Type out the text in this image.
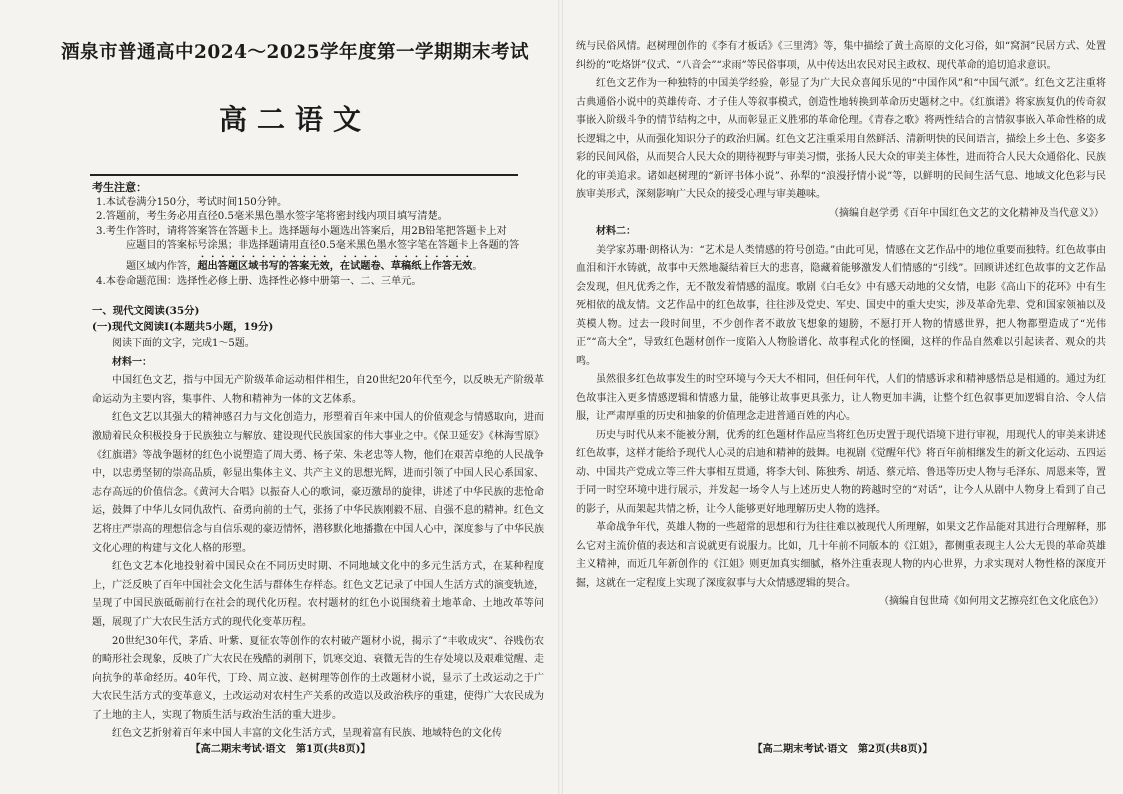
酒泉市普通高中2024～2025学年度第一学期期末考试
高二语文
考生注意：
1.本试卷满分150分，考试时间150分钟。
2.答题前，考生务必用直径0.5毫米黑色墨水签字笔将密封线内项目填写清楚。
3.考生作答时，请将答案答在答题卡上。选择题每小题选出答案后，用2B铅笔把答题卡上对
应题目的答案标号涂黑；非选择题请用直径0.5毫米黑色墨水签字笔在答题卡上各题的答
题区域内作答，超出答题区域书写的答案无效，在试题卷、草稿纸上作答无效。
4.本卷命题范围：选择性必修上册、选择性必修中册第一、二、三单元。
一、现代文阅读(35分)
(一)现代文阅读Ⅰ(本题共5小题，19分)

阅读下面的文字，完成1～5题。

材料一：

中国红色文艺，指与中国无产阶级革命运动相伴相生，自20世纪20年代至今，以反映无产阶级革命运动为主要内容，集事件、人物和精神为一体的文艺体系。

红色文艺以其强大的精神感召力与文化创造力，形塑着百年来中国人的价值观念与情感取向，进而激励着民众积极投身于民族独立与解放、建设现代民族国家的伟大事业之中。《保卫延安》《林海雪原》《红旗谱》等战争题材的红色小说塑造了周大勇、杨子荣、朱老忠等人物，他们在艰苦卓绝的人民战争中，以忠勇坚韧的崇高品质，彰显出集体主义、共产主义的思想光辉，进而引领了中国人民心系国家、志存高远的价值信念。《黄河大合唱》以振奋人心的歌词，豪迈激昂的旋律，讲述了中华民族的悲怆命运，鼓舞了中华儿女同仇敌忾、奋勇向前的士气，张扬了中华民族刚毅不屈、自强不息的精神。红色文艺将庄严崇高的理想信念与自信乐观的豪迈情怀，潜移默化地播撒在中国人心中，深度参与了中华民族文化心理的构建与文化人格的形塑。

红色文艺本化地投射着中国民众在不同历史时期、不同地域文化中的多元生活方式，在某种程度上，广泛反映了百年中国社会文化生活与群体生存样态。红色文艺记录了中国人生活方式的演变轨迹，呈现了中国民族砥砺前行在社会的现代化历程。农村题材的红色小说围绕着土地革命、土地改革等问题，展现了广大农民生活方式的现代化变革历程。

20世纪30年代，茅盾、叶紫、夏征农等创作的农村破产题材小说，揭示了“丰收成灾”、谷贱伤农的畸形社会现象，反映了广大农民在残酷的剥削下，饥寒交迫、衰微无告的生存处境以及艰难觉醒、走向抗争的革命经历。40年代，丁玲、周立波、赵树理等创作的土改题材小说，显示了土改运动之于广大农民生活方式的变革意义，土改运动对农村生产关系的改造以及政治秩序的重建，使得广大农民成为了土地的主人，实现了物质生活与政治生活的重大进步。

红色文艺折射着百年来中国人丰富的文化生活方式，呈现着富有民族、地域特色的文化传

【高二期末考试·语文　第1页(共8页)】

统与民俗风情。赵树理创作的《李有才板话》《三里湾》等，集中描绘了黄土高原的文化习俗，如“窝洞”民居方式、处置纠纷的“吃烙饼”仪式、“八音会”“求雨”等民俗事项，从中传达出农民对民主政权、现代革命的追切追求意识。

红色文艺作为一种独特的中国美学经验，彰显了为广大民众喜闻乐见的“中国作风”和“中国气派”。红色文艺注重将古典通俗小说中的英雄传奇、才子佳人等叙事模式，创造性地转换到革命历史题材之中。《红旗谱》将家族复仇的传奇叙事嵌入阶级斗争的情节结构之中，从而彰显正义胜邪的革命伦理。《青春之歌》将两性结合的言情叙事嵌入革命性格的成长逻辑之中，从而强化知识分子的政治归属。红色文艺注重采用自然鲜活、清新明快的民间语言，描绘上乡土色、多姿多彩的民间风俗，从而契合人民大众的期待视野与审美习惯，张扬人民大众的审美主体性，进而符合人民大众通俗化、民族化的审美追求。诸如赵树理的“新评书体小说”、孙犁的“浪漫抒情小说”等，以鲜明的民间生活气息、地域文化色彩与民族审美形式，深刻影响广大民众的接受心理与审美趣味。

（摘编自赵学勇《百年中国红色文艺的文化精神及当代意义》）

材料二：

美学家苏珊·朗格认为：“艺术是人类情感的符号创造。”由此可见，情感在文艺作品中的地位重要而独特。红色故事由血泪和汗水铸就，故事中天然地凝结着巨大的悲喜，隐藏着能够激发人们情感的“引线”。回顾讲述红色故事的文艺作品会发现，但凡优秀之作，无不散发着情感的温度。歌剧《白毛女》中有感天动地的父女情，电影《高山下的花环》中有生死相依的战友情。文艺作品中的红色故事，往往涉及党史、军史、国史中的重大史实，涉及革命先辈、党和国家领袖以及英模人物。过去一段时间里，不少创作者不敢放飞想象的翅膀，不愿打开人物的情感世界，把人物都塑造成了“光伟正”“高大全”，导致红色题材创作一度陷入人物脸谱化、故事程式化的怪圈，这样的作品自然难以引起读者、观众的共鸣。

虽然很多红色故事发生的时空环境与今天大不相同，但任何年代，人们的情感诉求和精神感悟总是相通的。通过为红色故事注入更多情感逻辑和情感力量，能够让故事更具张力，让人物更加丰满，让整个红色叙事更加逻辑自洽、令人信服，让严肃厚重的历史和抽象的价值理念走进普通百姓的内心。

历史与时代从来不能被分割，优秀的红色题材作品应当将红色历史置于现代语境下进行审视，用现代人的审美来讲述红色故事，这样才能给予现代人心灵的启迪和精神的鼓舞。电视剧《觉醒年代》将百年前相继发生的新文化运动、五四运动、中国共产党成立等三件大事相互贯通，将李大钊、陈独秀、胡适、蔡元培、鲁迅等历史人物与毛泽东、周恩来等，置于同一时空环境中进行展示，并发起一场令人与上述历史人物的跨越时空的“对话”，让今人从剧中人物身上看到了自己的影子，从而架起共情之桥，让今人能够更好地理解历史人物的选择。

革命战争年代，英雄人物的一些超常的思想和行为往往难以被现代人所理解，如果文艺作品能对其进行合理解释，那么它对主流价值的表达和言说就更有说服力。比如，几十年前不同版本的《江姐》，都侧重表现主人公大无畏的革命英雄主义精神，而近几年新创作的《江姐》则更加真实细腻，格外注重表现人物的内心世界，力求实现对人物性格的深度开掘，这就在一定程度上实现了深度叙事与大众情感逻辑的契合。

（摘编自包世琦《如何用文艺擦亮红色文化底色》）

【高二期末考试·语文　第2页(共8页)】
